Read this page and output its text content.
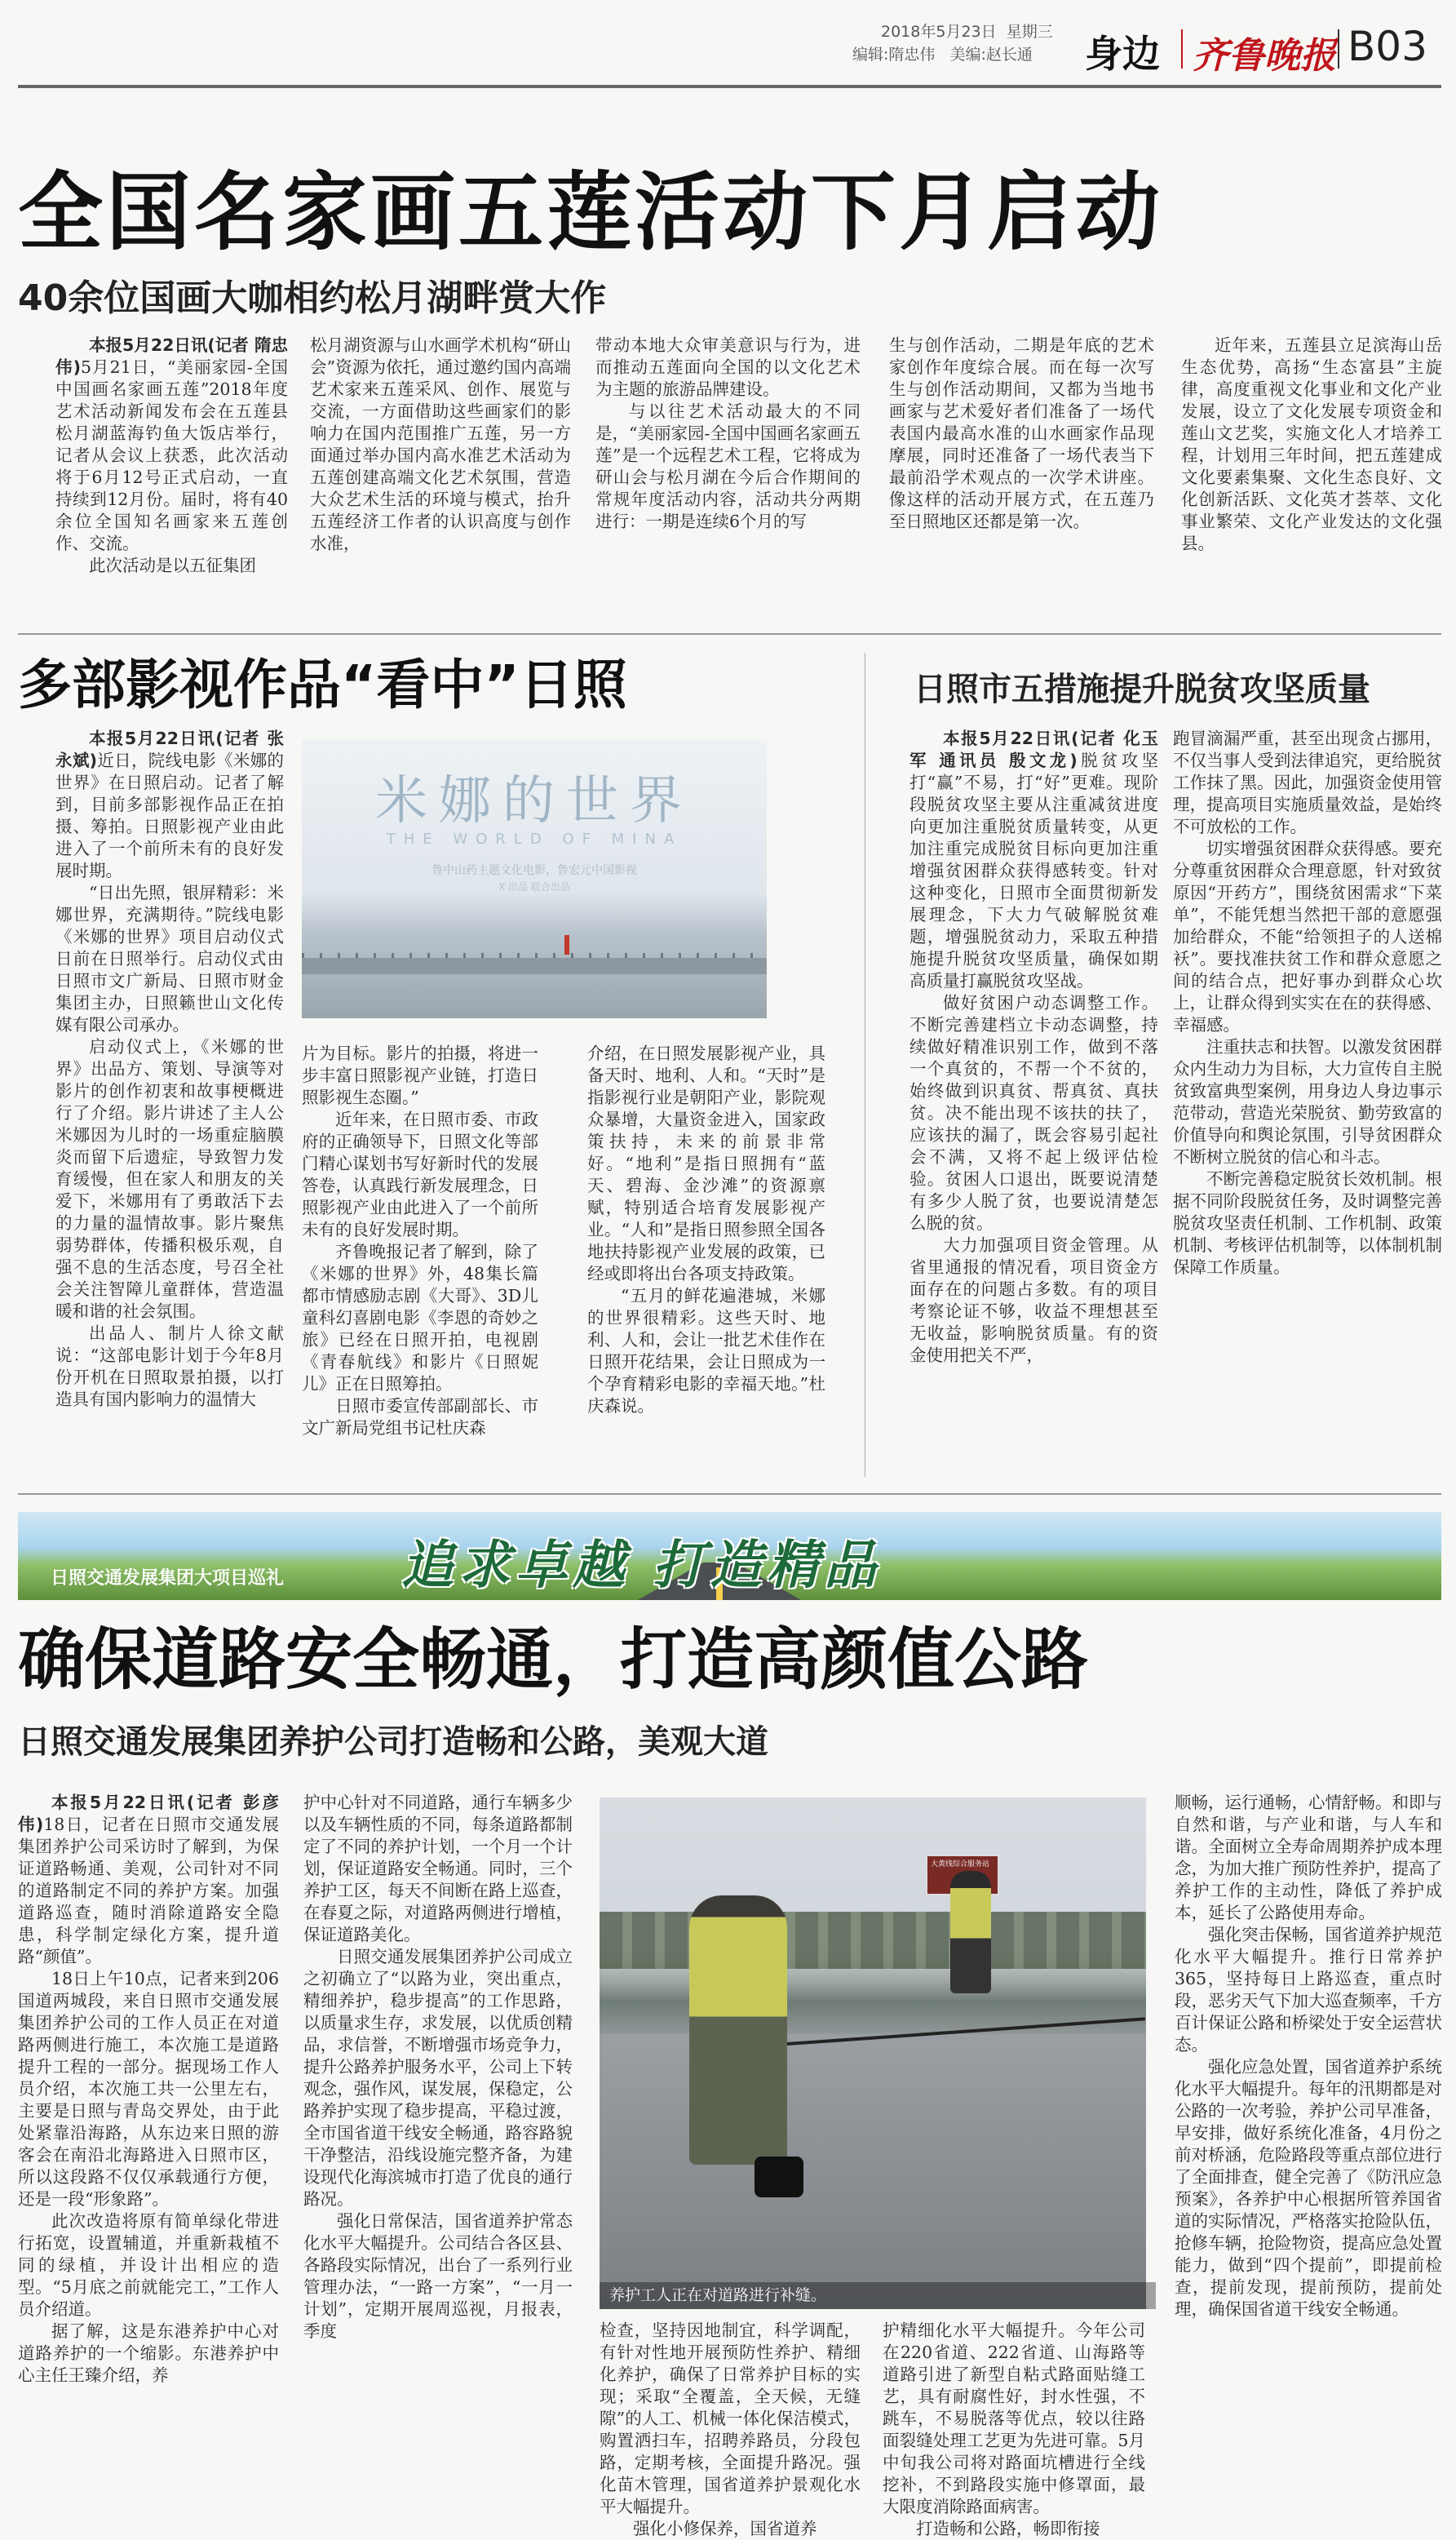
2018年5月23日 星期三
编辑:隋忠伟 美编:赵长通 身边 齐鲁晚报 B03
全国名家画五莲活动下月启动
40余位国画大咖相约松月湖畔赏大作

本报5月22日讯(记者 隋忠伟)5月21日，“美丽家园-全国中国画名家画五莲”2018年度艺术活动新闻发布会在五莲县松月湖蓝海钓鱼大饭店举行，记者从会议上获悉，此次活动将于6月12号正式启动，一直持续到12月份。届时，将有40余位全国知名画家来五莲创作、交流。

此次活动是以五征集团

松月湖资源与山水画学术机构“研山会”资源为依托，通过邀约国内高端艺术家来五莲采风、创作、展览与交流，一方面借助这些画家们的影响力在国内范围推广五莲，另一方面通过举办国内高水准艺术活动为五莲创建高端文化艺术氛围，营造大众艺术生活的环境与模式，抬升五莲经济工作者的认识高度与创作水准，

带动本地大众审美意识与行为，进而推动五莲面向全国的以文化艺术为主题的旅游品牌建设。

与以往艺术活动最大的不同是，“美丽家园-全国中国画名家画五莲”是一个远程艺术工程，它将成为研山会与松月湖在今后合作期间的常规年度活动内容，活动共分两期进行：一期是连续6个月的写

生与创作活动，二期是年底的艺术家创作年度综合展。而在每一次写生与创作活动期间，又都为当地书画家与艺术爱好者们准备了一场代表国内最高水准的山水画家作品现摩展，同时还准备了一场代表当下最前沿学术观点的一次学术讲座。像这样的活动开展方式，在五莲乃至日照地区还都是第一次。

近年来，五莲县立足滨海山岳生态优势，高扬“生态富县”主旋律，高度重视文化事业和文化产业发展，设立了文化发展专项资金和莲山文艺奖，实施文化人才培养工程，计划用三年时间，把五莲建成文化要素集聚、文化生态良好、文化创新活跃、文化英才荟萃、文化事业繁荣、文化产业发达的文化强县。

多部影视作品“看中”日照

本报5月22日讯(记者 张永斌)近日，院线电影《米娜的世界》在日照启动。记者了解到，目前多部影视作品正在拍摄、筹拍。日照影视产业由此进入了一个前所未有的良好发展时期。

“日出先照，银屏精彩：米娜世界，充满期待。”院线电影《米娜的世界》项目启动仪式日前在日照举行。启动仪式由日照市文广新局、日照市财金集团主办，日照籁世山文化传媒有限公司承办。

启动仪式上，《米娜的世界》出品方、策划、导演等对影片的创作初衷和故事梗概进行了介绍。影片讲述了主人公米娜因为儿时的一场重症脑膜炎而留下后遗症，导致智力发育缓慢，但在家人和朋友的关爱下，米娜用有了勇敢活下去的力量的温情故事。影片聚焦弱势群体，传播积极乐观，自强不息的生活态度，号召全社会关注智障儿童群体，营造温暖和谐的社会氛围。

出品人、制片人徐文献说：“这部电影计划于今年8月份开机在日照取景拍摄，以打造具有国内影响力的温情大

米娜的世界
THE WORLD OF MINA
鲁中山药主题文化电影，鲁宏元中国影视
X 出品 联合出品

片为目标。影片的拍摄，将进一步丰富日照影视产业链，打造日照影视生态圈。”

近年来，在日照市委、市政府的正确领导下，日照文化等部门精心谋划书写好新时代的发展答卷，认真践行新发展理念，日照影视产业由此进入了一个前所未有的良好发展时期。

齐鲁晚报记者了解到，除了《米娜的世界》外，48集长篇都市情感励志剧《大哥》、3D儿童科幻喜剧电影《李恩的奇妙之旅》已经在日照开拍，电视剧《青春航线》和影片《日照妮儿》正在日照筹拍。

日照市委宣传部副部长、市文广新局党组书记杜庆森

介绍，在日照发展影视产业，具备天时、地利、人和。“天时”是指影视行业是朝阳产业，影院观众暴增，大量资金进入，国家政策扶持，未来的前景非常好。“地利”是指日照拥有“蓝天、碧海、金沙滩”的资源禀赋，特别适合培育发展影视产业。“人和”是指日照参照全国各地扶持影视产业发展的政策，已经或即将出台各项支持政策。

“五月的鲜花遍港城，米娜的世界很精彩。这些天时、地利、人和，会让一批艺术佳作在日照开花结果，会让日照成为一个孕育精彩电影的幸福天地。”杜庆森说。

日照市五措施提升脱贫攻坚质量

本报5月22日讯(记者 化玉军 通讯员 殷文龙)脱贫攻坚打“赢”不易，打“好”更难。现阶段脱贫攻坚主要从注重减贫进度向更加注重脱贫质量转变，从更加注重完成脱贫目标向更加注重增强贫困群众获得感转变。针对这种变化，日照市全面贯彻新发展理念，下大力气破解脱贫难题，增强脱贫动力，采取五种措施提升脱贫攻坚质量，确保如期高质量打赢脱贫攻坚战。

做好贫困户动态调整工作。不断完善建档立卡动态调整，持续做好精准识别工作，做到不落一个真贫的，不帮一个不贫的，始终做到识真贫、帮真贫、真扶贫。决不能出现不该扶的扶了，应该扶的漏了，既会容易引起社会不满，又将不起上级评估检验。贫困人口退出，既要说清楚有多少人脱了贫，也要说清楚怎么脱的贫。

大力加强项目资金管理。从省里通报的情况看，项目资金方面存在的问题占多数。有的项目考察论证不够，收益不理想甚至无收益，影响脱贫质量。有的资金使用把关不严，

跑冒滴漏严重，甚至出现贪占挪用，不仅当事人受到法律追究，更给脱贫工作抹了黑。因此，加强资金使用管理，提高项目实施质量效益，是始终不可放松的工作。

切实增强贫困群众获得感。要充分尊重贫困群众合理意愿，针对致贫原因“开药方”，围绕贫困需求“下菜单”，不能凭想当然把干部的意愿强加给群众，不能“给领担子的人送棉袄”。要找准扶贫工作和群众意愿之间的结合点，把好事办到群众心坎上，让群众得到实实在在的获得感、幸福感。

注重扶志和扶智。以激发贫困群众内生动力为目标，大力宣传自主脱贫致富典型案例，用身边人身边事示范带动，营造光荣脱贫、勤劳致富的价值导向和舆论氛围，引导贫困群众不断树立脱贫的信心和斗志。

不断完善稳定脱贫长效机制。根据不同阶段脱贫任务，及时调整完善脱贫攻坚责任机制、工作机制、政策机制、考核评估机制等，以体制机制保障工作质量。

追求卓越 打造精品
日照交通发展集团大项目巡礼
确保道路安全畅通，打造高颜值公路
日照交通发展集团养护公司打造畅和公路，美观大道

本报5月22日讯(记者 彭彦伟)18日，记者在日照市交通发展集团养护公司采访时了解到，为保证道路畅通、美观，公司针对不同的道路制定不同的养护方案。加强道路巡查，随时消除道路安全隐患，科学制定绿化方案，提升道路“颜值”。

18日上午10点，记者来到206国道两城段，来自日照市交通发展集团养护公司的工作人员正在对道路两侧进行施工，本次施工是道路提升工程的一部分。据现场工作人员介绍，本次施工共一公里左右，主要是日照与青岛交界处，由于此处紧靠沿海路，从东边来日照的游客会在南沿北海路进入日照市区，所以这段路不仅仅承载通行方便，还是一段“形象路”。

此次改造将原有简单绿化带进行拓宽，设置辅道，并重新栽植不同的绿植，并设计出相应的造型。“5月底之前就能完工，”工作人员介绍道。

据了解，这是东港养护中心对道路养护的一个缩影。东港养护中心主任王臻介绍，养

护中心针对不同道路，通行车辆多少以及车辆性质的不同，每条道路都制定了不同的养护计划，一个月一个计划，保证道路安全畅通。同时，三个养护工区，每天不间断在路上巡查，在春夏之际，对道路两侧进行增植，保证道路美化。

日照交通发展集团养护公司成立之初确立了“以路为业，突出重点，精细养护，稳步提高”的工作思路，以质量求生存，求发展，以优质创精品，求信誉，不断增强市场竞争力，提升公路养护服务水平，公司上下转观念，强作风，谋发展，保稳定，公路养护实现了稳步提高，平稳过渡，全市国省道干线安全畅通，路容路貌干净整洁，沿线设施完整齐备，为建设现代化海滨城市打造了优良的通行路况。

强化日常保洁，国省道养护常态化水平大幅提升。公司结合各区县、各路段实际情况，出台了一系列行业管理办法，“一路一方案”，“一月一计划”，定期开展周巡视，月报表，季度

大黄线综合服务站
养护工人正在对道路进行补缝。

检查，坚持因地制宜，科学调配，有针对性地开展预防性养护、精细化养护，确保了日常养护目标的实现；采取“全覆盖，全天候，无缝隙”的人工、机械一体化保洁模式，购置洒扫车，招聘养路员，分段包路，定期考核，全面提升路况。强化苗木管理，国省道养护景观化水平大幅提升。

强化小修保养，国省道养

护精细化水平大幅提升。今年公司在220省道、222省道、山海路等道路引进了新型自粘式路面贴缝工艺，具有耐腐性好，封水性强，不跳车，不易脱落等优点，较以往路面裂缝处理工艺更为先进可靠。5月中旬我公司将对路面坑槽进行全线挖补，不到路段实施中修罩面，最大限度消除路面病害。

打造畅和公路，畅即衔接

顺畅，运行通畅，心情舒畅。和即与自然和谐，与产业和谐，与人车和谐。全面树立全寿命周期养护成本理念，为加大推广预防性养护，提高了养护工作的主动性，降低了养护成本，延长了公路使用寿命。

强化突击保畅，国省道养护规范化水平大幅提升。推行日常养护365，坚持每日上路巡查，重点时段，恶劣天气下加大巡查频率，千方百计保证公路和桥梁处于安全运营状态。

强化应急处置，国省道养护系统化水平大幅提升。每年的汛期都是对公路的一次考验，养护公司早准备，早安排，做好系统化准备，4月份之前对桥涵，危险路段等重点部位进行了全面排查，健全完善了《防汛应急预案》，各养护中心根据所管养国省道的实际情况，严格落实抢险队伍，抢修车辆，抢险物资，提高应急处置能力，做到“四个提前”，即提前检查，提前发现，提前预防，提前处理，确保国省道干线安全畅通。
